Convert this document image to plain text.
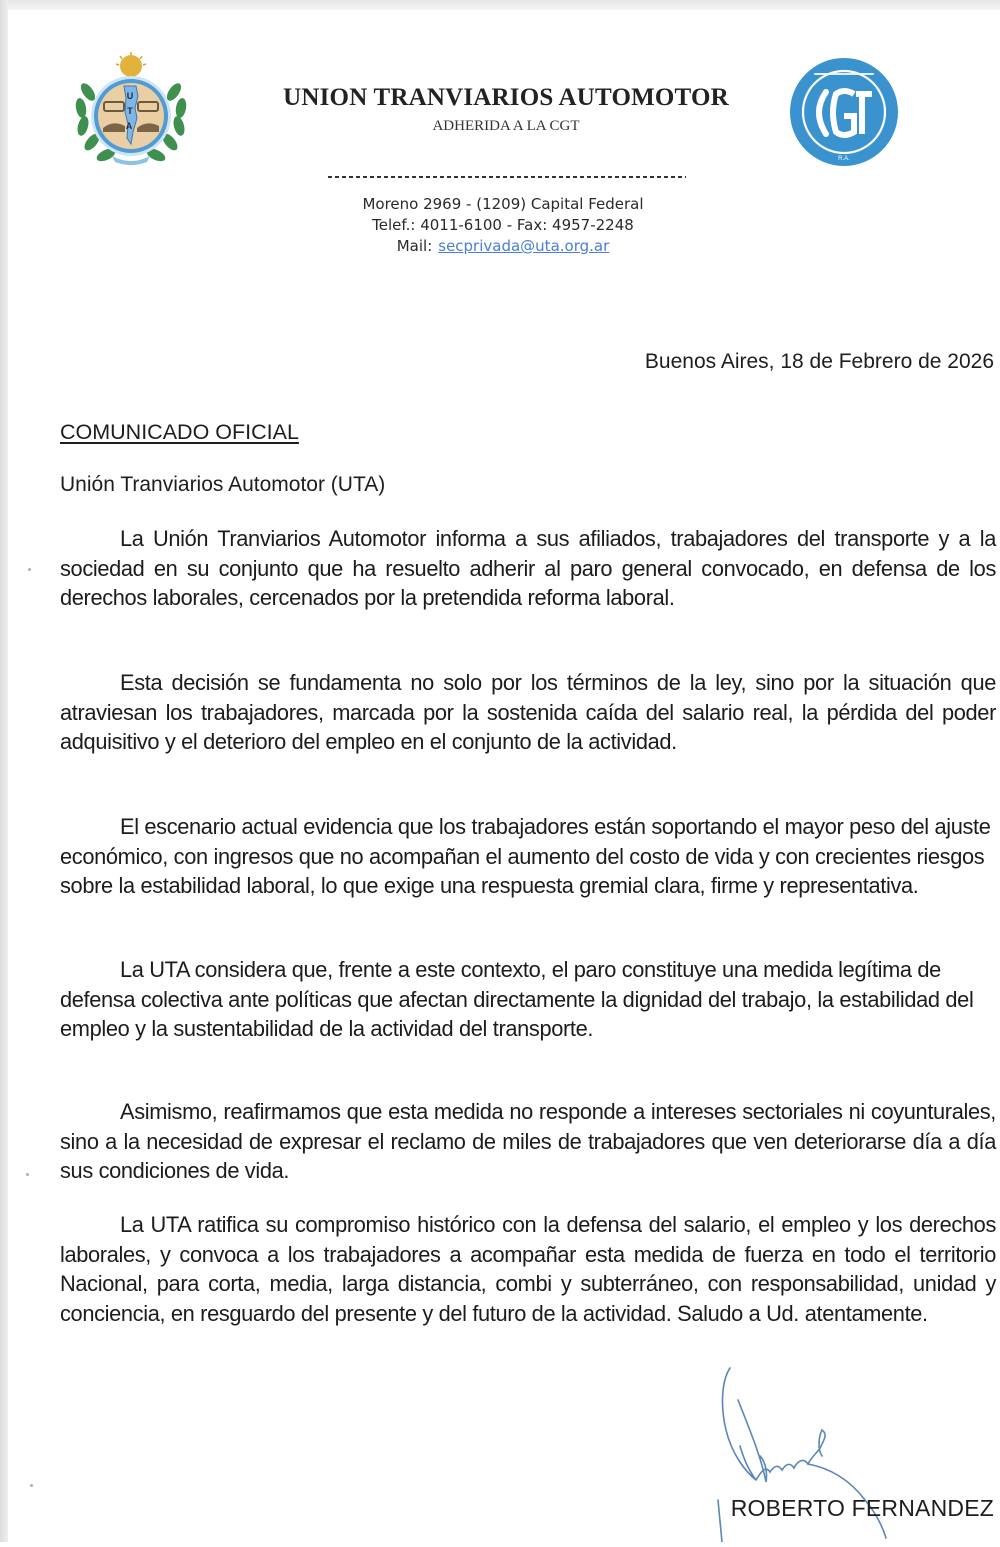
U
T
A
UNION TRANVIARIOS AUTOMOTOR
ADHERIDA A LA CGT
R.A.
Moreno 2969 - (1209) Capital Federal
Telef.: 4011-6100 - Fax: 4957-2248
Mail: secprivada@uta.org.ar
Buenos Aires, 18 de Febrero de 2026
COMUNICADO OFICIAL
Unión Tranviarios Automotor (UTA)

La Unión Tranviarios Automotor informa a sus afiliados, trabajadores del transporte y a la sociedad en su conjunto que ha resuelto adherir al paro general convocado, en defensa de los derechos laborales, cercenados por la pretendida reforma laboral.

Esta decisión se fundamenta no solo por los términos de la ley, sino por la situación que atraviesan los trabajadores, marcada por la sostenida caída del salario real, la pérdida del poder adquisitivo y el deterioro del empleo en el conjunto de la actividad.

El escenario actual evidencia que los trabajadores están soportando el mayor peso del ajuste económico, con ingresos que no acompañan el aumento del costo de vida y con crecientes riesgos sobre la estabilidad laboral, lo que exige una respuesta gremial clara, firme y representativa.

La UTA considera que, frente a este contexto, el paro constituye una medida legítima de defensa colectiva ante políticas que afectan directamente la dignidad del trabajo, la estabilidad del empleo y la sustentabilidad de la actividad del transporte.

Asimismo, reafirmamos que esta medida no responde a intereses sectoriales ni coyunturales, sino a la necesidad de expresar el reclamo de miles de trabajadores que ven deteriorarse día a día sus condiciones de vida.

La UTA ratifica su compromiso histórico con la defensa del salario, el empleo y los derechos laborales, y convoca a los trabajadores a acompañar esta medida de fuerza en todo el territorio Nacional, para corta, media, larga distancia, combi y subterráneo, con responsabilidad, unidad y conciencia, en resguardo del presente y del futuro de la actividad. Saludo a Ud. atentamente.

ROBERTO FERNANDEZ
